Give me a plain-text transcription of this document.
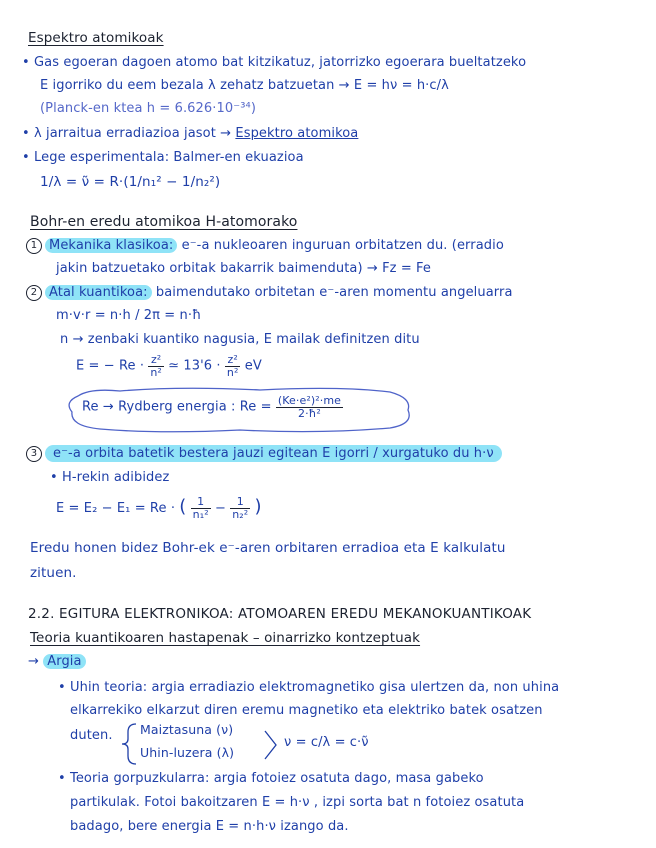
Espektro atomikoak
• Gas egoeran dagoen atomo bat kitzikatuz, jatorrizko egoerara bueltatzeko
E igorriko du eem bezala λ zehatz batzuetan → E = hν = h·c/λ
(Planck-en ktea h = 6.626·10⁻³⁴)
• λ jarraitua erradiazioa jasot → Espektro atomikoa
• Lege esperimentala: Balmer-en ekuazioa
1/λ = ν̃ = R·(1/n₁² − 1/n₂²)
Bohr-en eredu atomikoa H-atomorako
1 Mekanika klasikoa: e⁻-a nukleoaren inguruan orbitatzen du. (erradio
jakin batzuetako orbitak bakarrik baimenduta) → Fz = Fe
2 Atal kuantikoa: baimendutako orbitetan e⁻-aren momentu angeluarra
m·v·r = n·h / 2π = n·ħ
n → zenbaki kuantiko nagusia, E mailak definitzen ditu
E = − $Re \cdot \frac{\text{z²}}{\text{n²}}$ ≃ $13'6 \cdot \frac{\text{z²}}{\text{n²}}$ eV
Re → Rydberg energia : $Re = \frac{\text{(Ke·e²)²·me}}{\text{2·ħ²}}$
3 e⁻-a orbita batetik bestera jauzi egitean E igorri / xurgatuko du h·ν
• H-rekin adibidez
E = E₂ − E₁ = Re · ( $\frac{1}{\text{n₁²}} - \frac{1}{\text{n₂²}}$ )
Eredu honen bidez Bohr-ek e⁻-aren orbitaren erradioa eta E kalkulatu
zituen.
2.2. EGITURA ELEKTRONIKOA: ATOMOAREN EREDU MEKANOKUANTIKOAK
Teoria kuantikoaren hastapenak – oinarrizko kontzeptuak
→ Argia
• Uhin teoria: argia erradiazio elektromagnetiko gisa ulertzen da, non uhina
elkarrekiko elkarzut diren eremu magnetiko eta elektriko batek osatzen
duten. Maiztasuna (ν)
Uhin-luzera (λ)
ν = c/λ = c·ν̃
• Teoria gorpuzkularra: argia fotoiez osatuta dago, masa gabeko
partikulak. Fotoi bakoitzaren E = h·ν , izpi sorta bat n fotoiez osatuta
badago, bere energia E = n·h·ν izango da.
